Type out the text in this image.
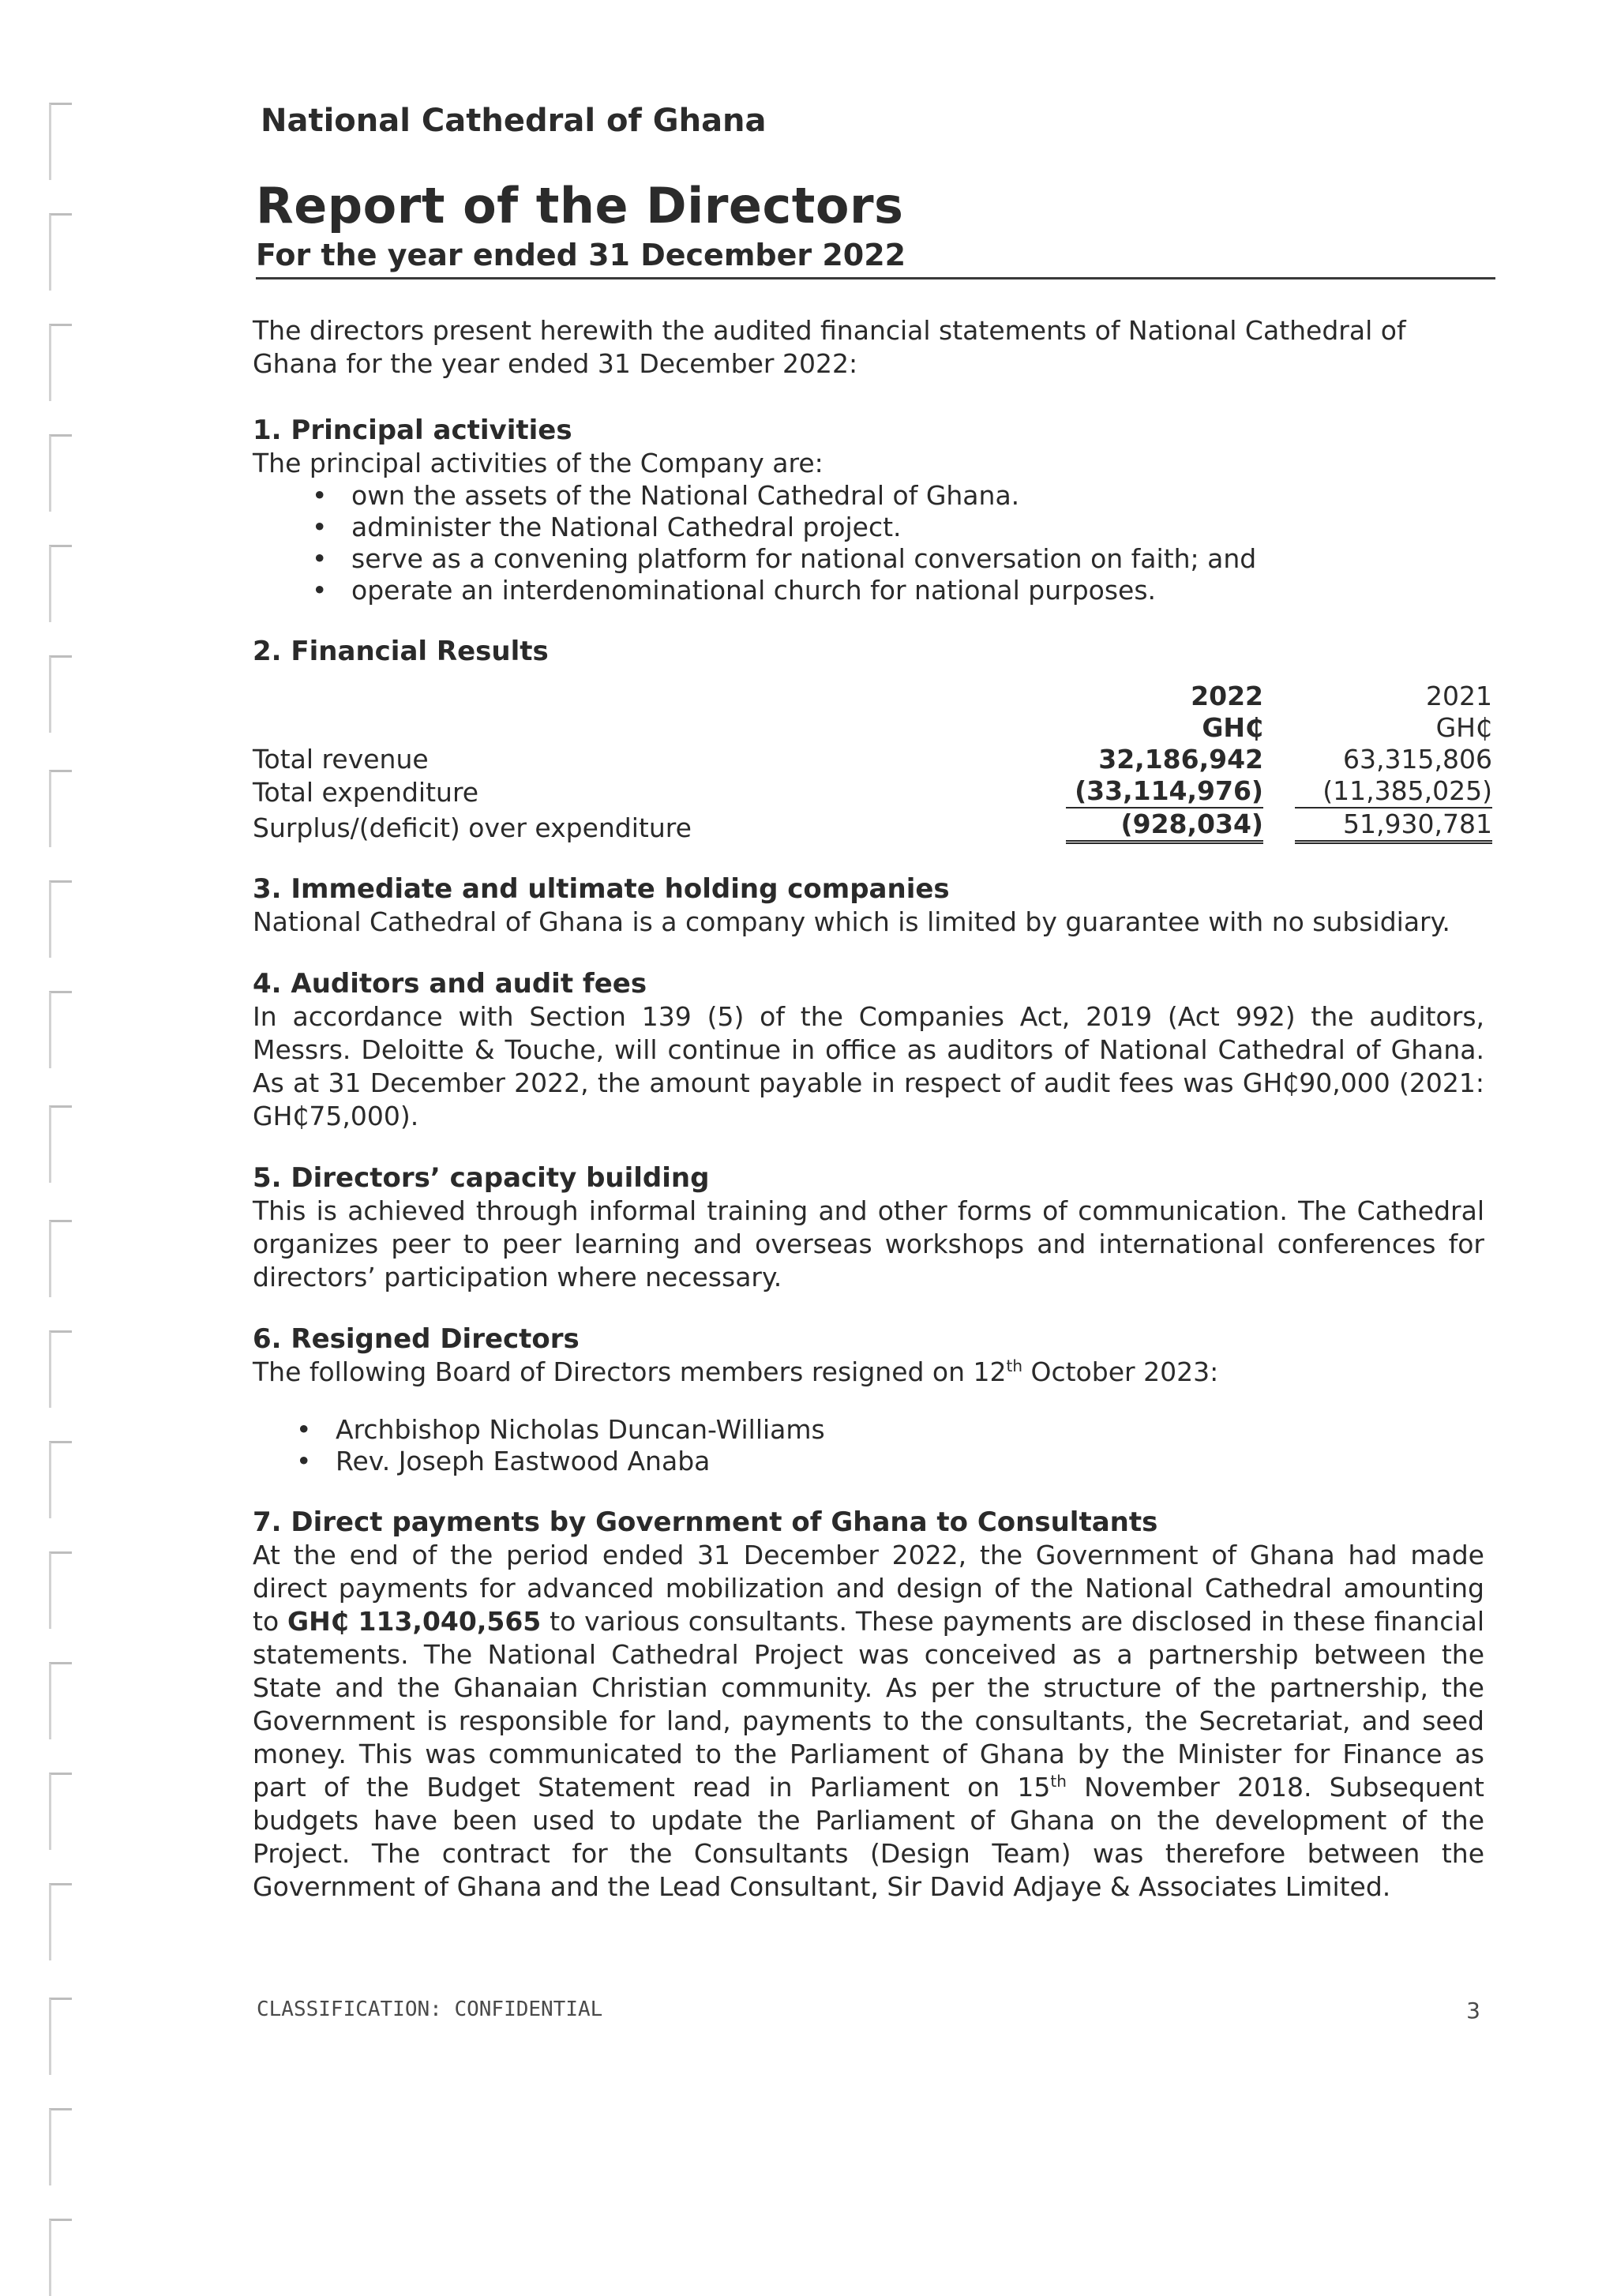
National Cathedral of Ghana
Report of the Directors
For the year ended 31 December 2022

The directors present herewith the audited financial statements of National Cathedral of Ghana for the year ended 31 December 2022:

1. Principal activities

The principal activities of the Company are:

• own the assets of the National Cathedral of Ghana.
• administer the National Cathedral project.
• serve as a convening platform for national conversation on faith; and
• operate an interdenominational church for national purposes.
2. Financial Results
	2022	2021
	GH₵	GH₵
Total revenue	32,186,942	63,315,806
Total expenditure	(33,114,976)	(11,385,025)
Surplus/(deficit) over expenditure	(928,034)	51,930,781
3. Immediate and ultimate holding companies

National Cathedral of Ghana is a company which is limited by guarantee with no subsidiary.

4. Auditors and audit fees

In accordance with Section 139 (5) of the Companies Act, 2019 (Act 992) the auditors, Messrs. Deloitte & Touche, will continue in office as auditors of National Cathedral of Ghana. As at 31 December 2022, the amount payable in respect of audit fees was GH₵90,000 (2021: GH₵75,000).

5. Directors’ capacity building

This is achieved through informal training and other forms of communication. The Cathedral organizes peer to peer learning and overseas workshops and international conferences for directors’ participation where necessary.

6. Resigned Directors

The following Board of Directors members resigned on 12th October 2023:

• Archbishop Nicholas Duncan-Williams
• Rev. Joseph Eastwood Anaba
7. Direct payments by Government of Ghana to Consultants

At the end of the period ended 31 December 2022, the Government of Ghana had made direct payments for advanced mobilization and design of the National Cathedral amounting to GH₵ 113,040,565 to various consultants. These payments are disclosed in these financial statements. The National Cathedral Project was conceived as a partnership between the State and the Ghanaian Christian community. As per the structure of the partnership, the Government is responsible for land, payments to the consultants, the Secretariat, and seed money. This was communicated to the Parliament of Ghana by the Minister for Finance as part of the Budget Statement read in Parliament on 15th November 2018. Subsequent budgets have been used to update the Parliament of Ghana on the development of the Project. The contract for the Consultants (Design Team) was therefore between the Government of Ghana and the Lead Consultant, Sir David Adjaye & Associates Limited.

CLASSIFICATION: CONFIDENTIAL	3
